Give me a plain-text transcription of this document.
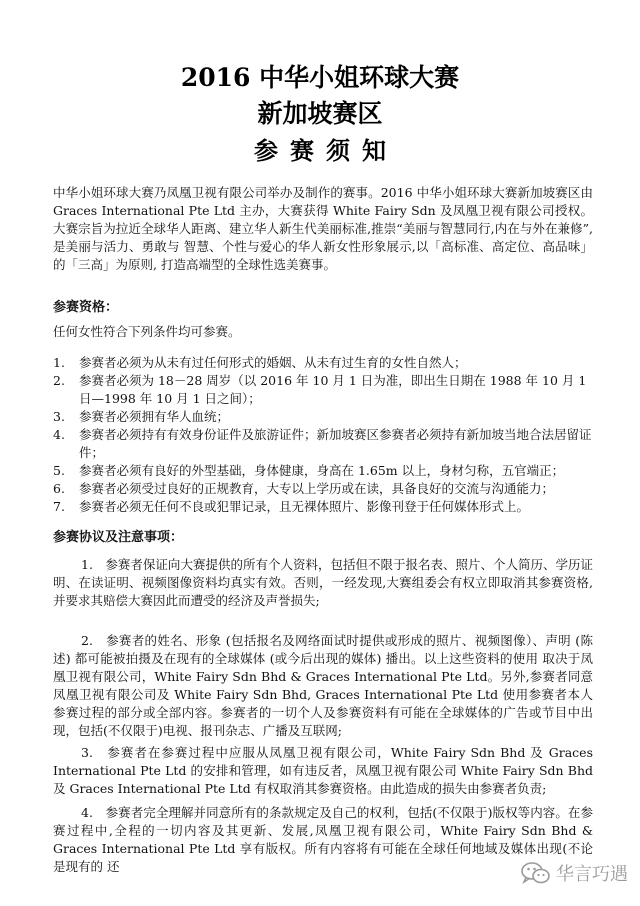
2016 中华小姐环球大赛
新加坡赛区
参赛须知

中华小姐环球大赛乃凤凰卫视有限公司举办及制作的赛事。2016 中华小姐环球大赛新加坡赛区由 Graces International Pte Ltd 主办，大赛获得 White Fairy Sdn 及凤凰卫视有限公司授权。大赛宗旨为拉近全球华人距离、建立华人新生代美丽标准,推崇“美丽与智慧同行,内在与外在兼修”,是美丽与活力、勇敢与 智慧、个性与爱心的华人新女性形象展示,以「高标准、高定位、高品味」的「三高」为原则, 打造高端型的全球性选美赛事。

参赛资格：
任何女性符合下列条件均可参赛。
1.	参赛者必须为从未有过任何形式的婚姻、从未有过生育的女性自然人；
2.	参赛者必须为 18－28 周岁（以 2016 年 10 月 1 日为准，即出生日期在 1988 年 10 月 1 日—1998 年 10 月 1 日之间）；
3.	参赛者必须拥有华人血统；
4.	参赛者必须持有有效身份证件及旅游证件；新加坡赛区参赛者必须持有新加坡当地合法居留证件；
5.	参赛者必须有良好的外型基础，身体健康，身高在 1.65m 以上，身材匀称，五官端正；
6.	参赛者必须受过良好的正规教育，大专以上学历或在读，具备良好的交流与沟通能力；
7.	参赛者必须无任何不良或犯罪记录，且无裸体照片、影像刊登于任何媒体形式上。
参赛协议及注意事项：

1.　参赛者保证向大赛提供的所有个人资料，包括但不限于报名表、照片、个人简历、学历证 明、在读证明、视频图像资料均真实有效。否则，一经发现,大赛组委会有权立即取消其参赛资格,并要求其赔偿大赛因此而遭受的经济及声誉损失;

2.　参赛者的姓名、形象 (包括报名及网络面试时提供或形成的照片、视频图像）、声明 (陈述) 都可能被拍摄及在现有的全球媒体 (或今后出现的媒体) 播出。以上这些资料的使用 取决于凤凰卫视有限公司，White Fairy Sdn Bhd & Graces International Pte Ltd。另外,参赛者同意 凤凰卫视有限公司及 White Fairy Sdn Bhd, Graces International Pte Ltd 使用参赛者本人参赛过程的部分或全部内容。参赛者的一切个人及参赛资料有可能在全球媒体的广告或节目中出现，包括(不仅限于)电视、报刊杂志、广播及互联网;

3.　参赛者在参赛过程中应服从凤凰卫视有限公司，White Fairy Sdn Bhd 及 Graces International Pte Ltd 的安排和管理，如有违反者，凤凰卫视有限公司 White Fairy Sdn Bhd 及 Graces International Pte Ltd 有权取消其参赛资格。由此造成的损失由参赛者负责;

4.　参赛者完全理解并同意所有的条款规定及自己的权利，包括(不仅限于)版权等内容。在参赛过程中,全程的一切内容及其更新、发展,凤凰卫视有限公司，White Fairy Sdn Bhd & Graces International Pte Ltd 享有版权。所有内容将有可能在全球任何地域及媒体出现(不论是现有的 还	华言巧遇
